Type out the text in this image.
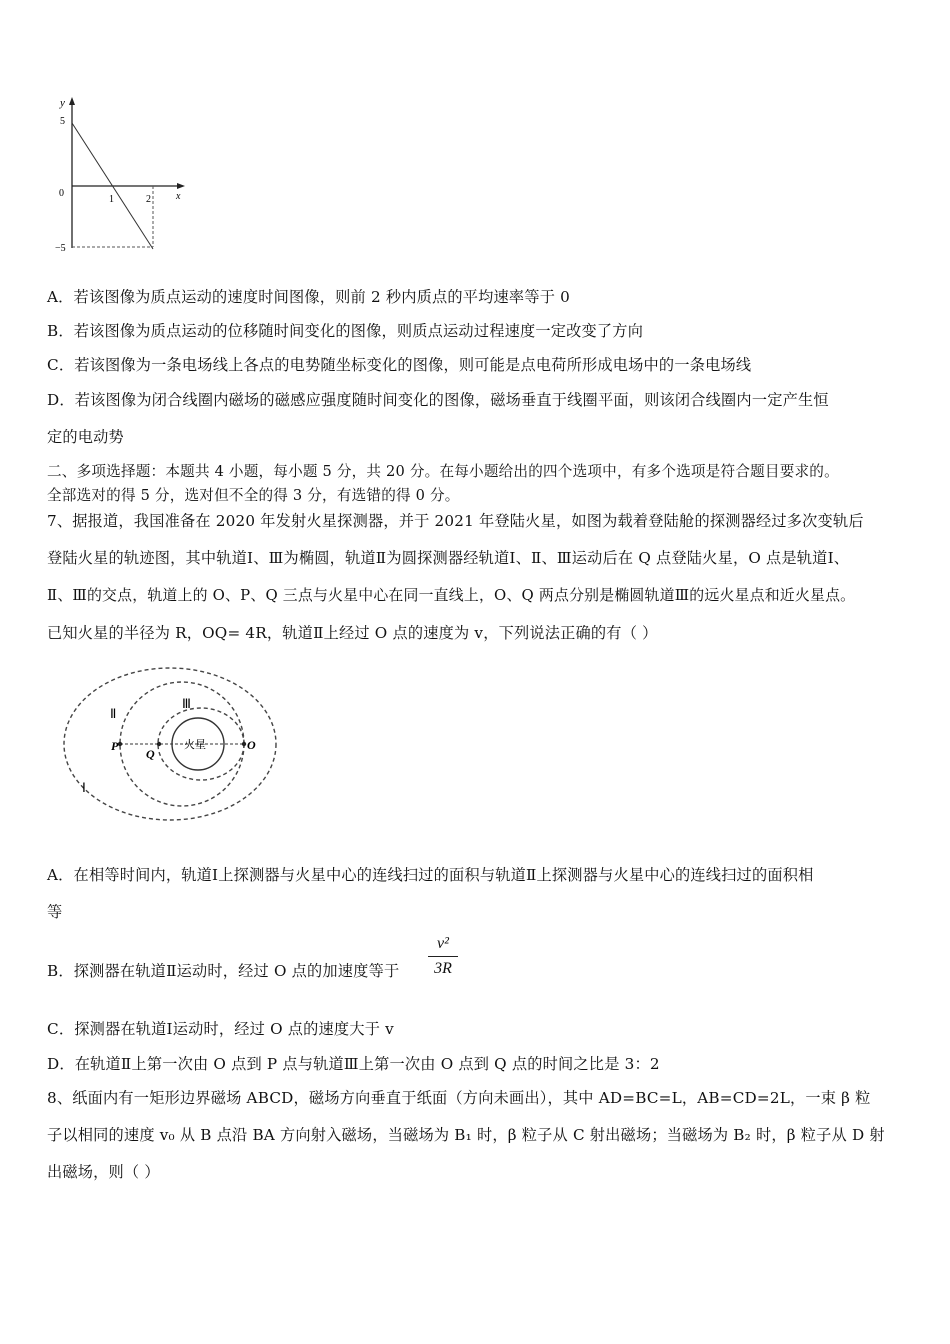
y
5
0
−5
1	2	x
A．若该图像为质点运动的速度时间图像，则前 2 秒内质点的平均速率等于 0
B．若该图像为质点运动的位移随时间变化的图像，则质点运动过程速度一定改变了方向
C．若该图像为一条电场线上各点的电势随坐标变化的图像，则可能是点电荷所形成电场中的一条电场线
D．若该图像为闭合线圈内磁场的磁感应强度随时间变化的图像，磁场垂直于线圈平面，则该闭合线圈内一定产生恒
定的电动势
二、多项选择题：本题共 4 小题，每小题 5 分，共 20 分。在每小题给出的四个选项中，有多个选项是符合题目要求的。
全部选对的得 5 分，选对但不全的得 3 分，有选错的得 0 分。
7、据报道，我国准备在 2020 年发射火星探测器，并于 2021 年登陆火星，如图为载着登陆舱的探测器经过多次变轨后
登陆火星的轨迹图，其中轨道Ⅰ、Ⅲ为椭圆，轨道Ⅱ为圆探测器经轨道Ⅰ、Ⅱ、Ⅲ运动后在 Q 点登陆火星，O 点是轨道Ⅰ、
Ⅱ、Ⅲ的交点，轨道上的 O、P、Q 三点与火星中心在同一直线上，O、Q 两点分别是椭圆轨道Ⅲ的远火星点和近火星点。
已知火星的半径为 R，OQ= 4R，轨道Ⅱ上经过 O 点的速度为 v，下列说法正确的有（ ）
火星
Ⅱ
Ⅲ
Ⅰ
P
Q
O
A．在相等时间内，轨道Ⅰ上探测器与火星中心的连线扫过的面积与轨道Ⅱ上探测器与火星中心的连线扫过的面积相
等
B．探测器在轨道Ⅱ运动时，经过 O 点的加速度等于
v²
3R
C．探测器在轨道Ⅰ运动时，经过 O 点的速度大于 v
D．在轨道Ⅱ上第一次由 O 点到 P 点与轨道Ⅲ上第一次由 O 点到 Q 点的时间之比是 3：2
8、纸面内有一矩形边界磁场 ABCD，磁场方向垂直于纸面（方向未画出），其中 AD=BC=L，AB=CD=2L，一束 β 粒
子以相同的速度 v₀ 从 B 点沿 BA 方向射入磁场，当磁场为 B₁ 时，β 粒子从 C 射出磁场；当磁场为 B₂ 时，β 粒子从 D 射
出磁场，则（ ）
